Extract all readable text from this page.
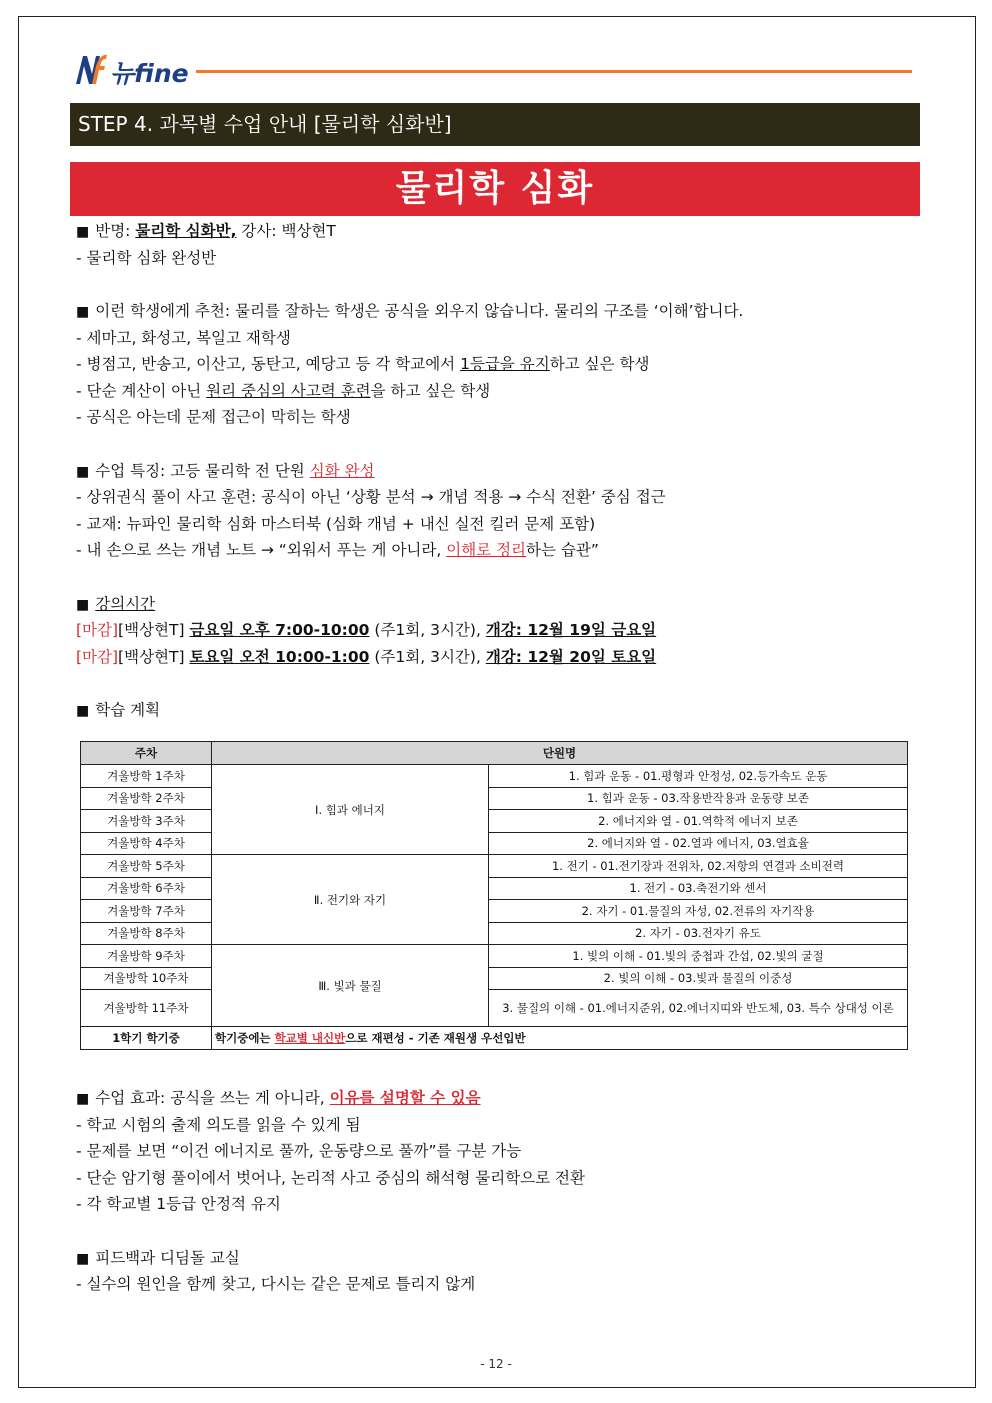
뉴fine
STEP 4. 과목별 수업 안내 [물리학 심화반]
물리학 심화
■ 반명: 물리학 심화반, 강사: 백상현T
- 물리학 심화 완성반
■ 이런 학생에게 추천: 물리를 잘하는 학생은 공식을 외우지 않습니다. 물리의 구조를 ‘이해’합니다.
- 세마고, 화성고, 복일고 재학생
- 병점고, 반송고, 이산고, 동탄고, 예당고 등 각 학교에서 1등급을 유지하고 싶은 학생
- 단순 계산이 아닌 원리 중심의 사고력 훈련을 하고 싶은 학생
- 공식은 아는데 문제 접근이 막히는 학생
■ 수업 특징: 고등 물리학 전 단원 심화 완성
- 상위권식 풀이 사고 훈련: 공식이 아닌 ‘상황 분석 → 개념 적용 → 수식 전환’ 중심 접근
- 교재: 뉴파인 물리학 심화 마스터북 (심화 개념 + 내신 실전 킬러 문제 포함)
- 내 손으로 쓰는 개념 노트 → “외워서 푸는 게 아니라, 이해로 정리하는 습관”
■ 강의시간
[마감][백상현T] 금요일 오후 7:00-10:00 (주1회, 3시간), 개강: 12월 19일 금요일
[마감][백상현T] 토요일 오전 10:00-1:00 (주1회, 3시간), 개강: 12월 20일 토요일
■ 학습 계획
주차	단원명	
겨울방학 1주차	Ⅰ. 힘과 에너지	1. 힘과 운동 - 01.평형과 안정성, 02.등가속도 운동
겨울방학 2주차		1. 힘과 운동 - 03.작용반작용과 운동량 보존
겨울방학 3주차		2. 에너지와 열 - 01.역학적 에너지 보존
겨울방학 4주차		2. 에너지와 열 - 02.열과 에너지, 03.열효율
겨울방학 5주차	Ⅱ. 전기와 자기	1. 전기 - 01.전기장과 전위차, 02.저항의 연결과 소비전력
겨울방학 6주차		1. 전기 - 03.축전기와 센서
겨울방학 7주차		2. 자기 - 01.물질의 자성, 02.전류의 자기작용
겨울방학 8주차		2. 자기 - 03.전자기 유도
겨울방학 9주차	Ⅲ. 빛과 물질	1. 빛의 이해 - 01.빛의 중첩과 간섭, 02.빛의 굴절
겨울방학 10주차		2. 빛의 이해 - 03.빛과 물질의 이중성
겨울방학 11주차		3. 물질의 이해 - 01.에너지준위, 02.에너지띠와 반도체, 03. 특수 상대성 이론
1학기 학기중	학기중에는 학교별 내신반으로 재편성 - 기존 재원생 우선입반	
■ 수업 효과: 공식을 쓰는 게 아니라, 이유를 설명할 수 있음
- 학교 시험의 출제 의도를 읽을 수 있게 됨
- 문제를 보면 “이건 에너지로 풀까, 운동량으로 풀까”를 구분 가능
- 단순 암기형 풀이에서 벗어나, 논리적 사고 중심의 해석형 물리학으로 전환
- 각 학교별 1등급 안정적 유지
■ 피드백과 디딤돌 교실
- 실수의 원인을 함께 찾고, 다시는 같은 문제로 틀리지 않게
- 12 -
